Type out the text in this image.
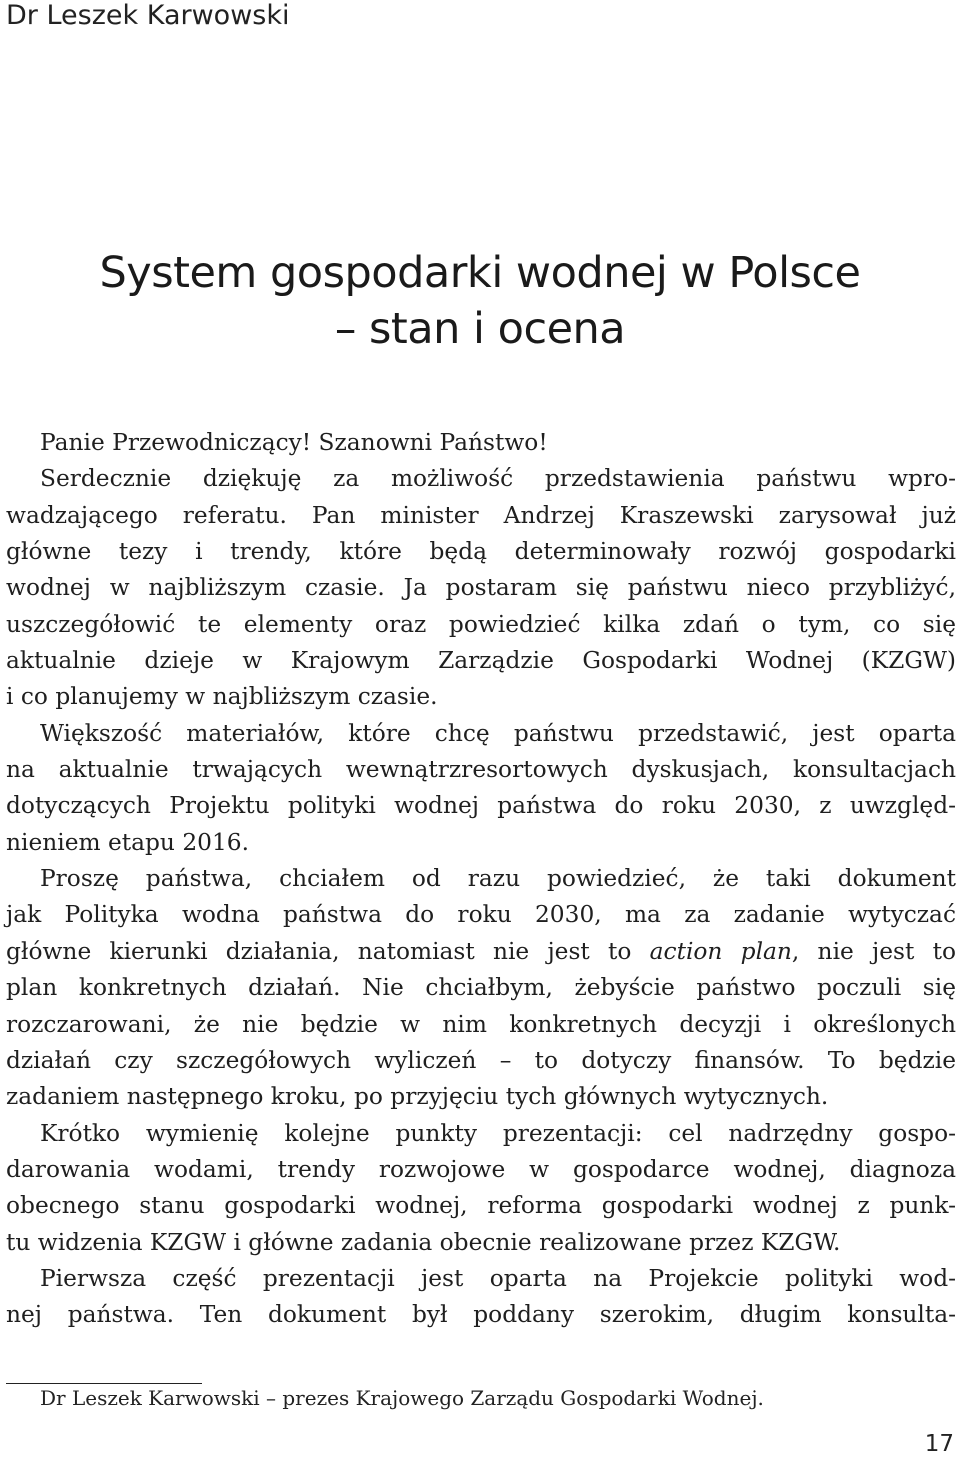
Dr Leszek Karwowski
System gospodarki wodnej w Polsce
– stan i ocena
Panie Przewodniczący! Szanowni Państwo!
Serdecznie dziękuję za możliwość przedstawienia państwu wpro-
wadzającego referatu. Pan minister Andrzej Kraszewski zarysował już
główne tezy i trendy, które będą determinowały rozwój gospodarki
wodnej w najbliższym czasie. Ja postaram się państwu nieco przybliżyć,
uszczegółowić te elementy oraz powiedzieć kilka zdań o tym, co się
aktualnie dzieje w Krajowym Zarządzie Gospodarki Wodnej (KZGW)
i co planujemy w najbliższym czasie.
Większość materiałów, które chcę państwu przedstawić, jest oparta
na aktualnie trwających wewnątrzresortowych dyskusjach, konsultacjach
dotyczących Projektu polityki wodnej państwa do roku 2030, z uwzględ-
nieniem etapu 2016.
Proszę państwa, chciałem od razu powiedzieć, że taki dokument
jak Polityka wodna państwa do roku 2030, ma za zadanie wytyczać
główne kierunki działania, natomiast nie jest to action plan, nie jest to
plan konkretnych działań. Nie chciałbym, żebyście państwo poczuli się
rozczarowani, że nie będzie w nim konkretnych decyzji i określonych
działań czy szczegółowych wyliczeń – to dotyczy finansów. To będzie
zadaniem następnego kroku, po przyjęciu tych głównych wytycznych.
Krótko wymienię kolejne punkty prezentacji: cel nadrzędny gospo-
darowania wodami, trendy rozwojowe w gospodarce wodnej, diagnoza
obecnego stanu gospodarki wodnej, reforma gospodarki wodnej z punk-
tu widzenia KZGW i główne zadania obecnie realizowane przez KZGW.
Pierwsza część prezentacji jest oparta na Projekcie polityki wod-
nej państwa. Ten dokument był poddany szerokim, długim konsulta-
Dr Leszek Karwowski – prezes Krajowego Zarządu Gospodarki Wodnej.
17
